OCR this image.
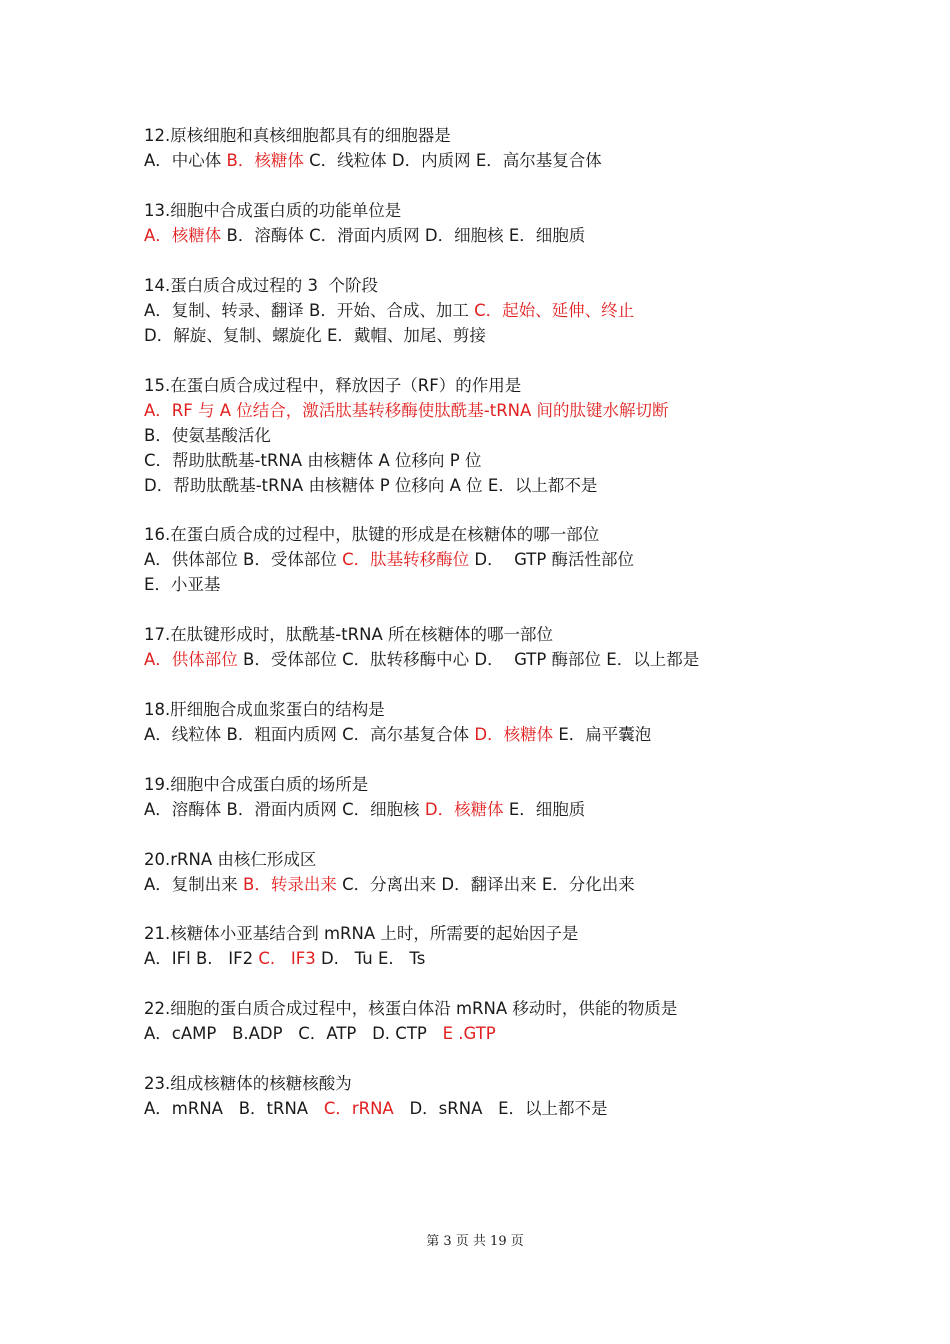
12.原核细胞和真核细胞都具有的细胞器是
A．中心体 B．核糖体 C．线粒体 D．内质网 E．高尔基复合体
13.细胞中合成蛋白质的功能单位是
A．核糖体 B．溶酶体 C．滑面内质网 D．细胞核 E．细胞质
14.蛋白质合成过程的 3  个阶段
A．复制、转录、翻译 B．开始、合成、加工 C．起始、延伸、终止
D．解旋、复制、螺旋化 E．戴帽、加尾、剪接
15.在蛋白质合成过程中，释放因子（RF）的作用是
A．RF 与 A 位结合，激活肽基转移酶使肽酰基-tRNA 间的肽键水解切断
B．使氨基酸活化
C．帮助肽酰基-tRNA 由核糖体 A 位移向 P 位
D．帮助肽酰基-tRNA 由核糖体 P 位移向 A 位 E．以上都不是
16.在蛋白质合成的过程中，肽键的形成是在核糖体的哪一部位
A．供体部位 B．受体部位 C．肽基转移酶位 D．  GTP 酶活性部位
E．小亚基
17.在肽键形成时，肽酰基-tRNA 所在核糖体的哪一部位
A．供体部位 B．受体部位 C．肽转移酶中心 D．  GTP 酶部位 E．以上都是
18.肝细胞合成血浆蛋白的结构是
A．线粒体 B．粗面内质网 C．高尔基复合体 D．核糖体 E．扁平囊泡
19.细胞中合成蛋白质的场所是
A．溶酶体 B．滑面内质网 C．细胞核 D．核糖体 E．细胞质
20.rRNA 由核仁形成区
A．复制出来 B．转录出来 C．分离出来 D．翻译出来 E．分化出来
21.核糖体小亚基结合到 mRNA 上时，所需要的起始因子是
A．IFl B.   IF2 C.   IF3 D.   Tu E.   Ts
22.细胞的蛋白质合成过程中，核蛋白体沿 mRNA 移动时，供能的物质是
A．cAMP   B.ADP   C．ATP   D. CTP   E .GTP
23.组成核糖体的核糖核酸为
A．mRNA   B．tRNA   C．rRNA   D．sRNA   E．以上都不是
第 3 页 共 19 页
